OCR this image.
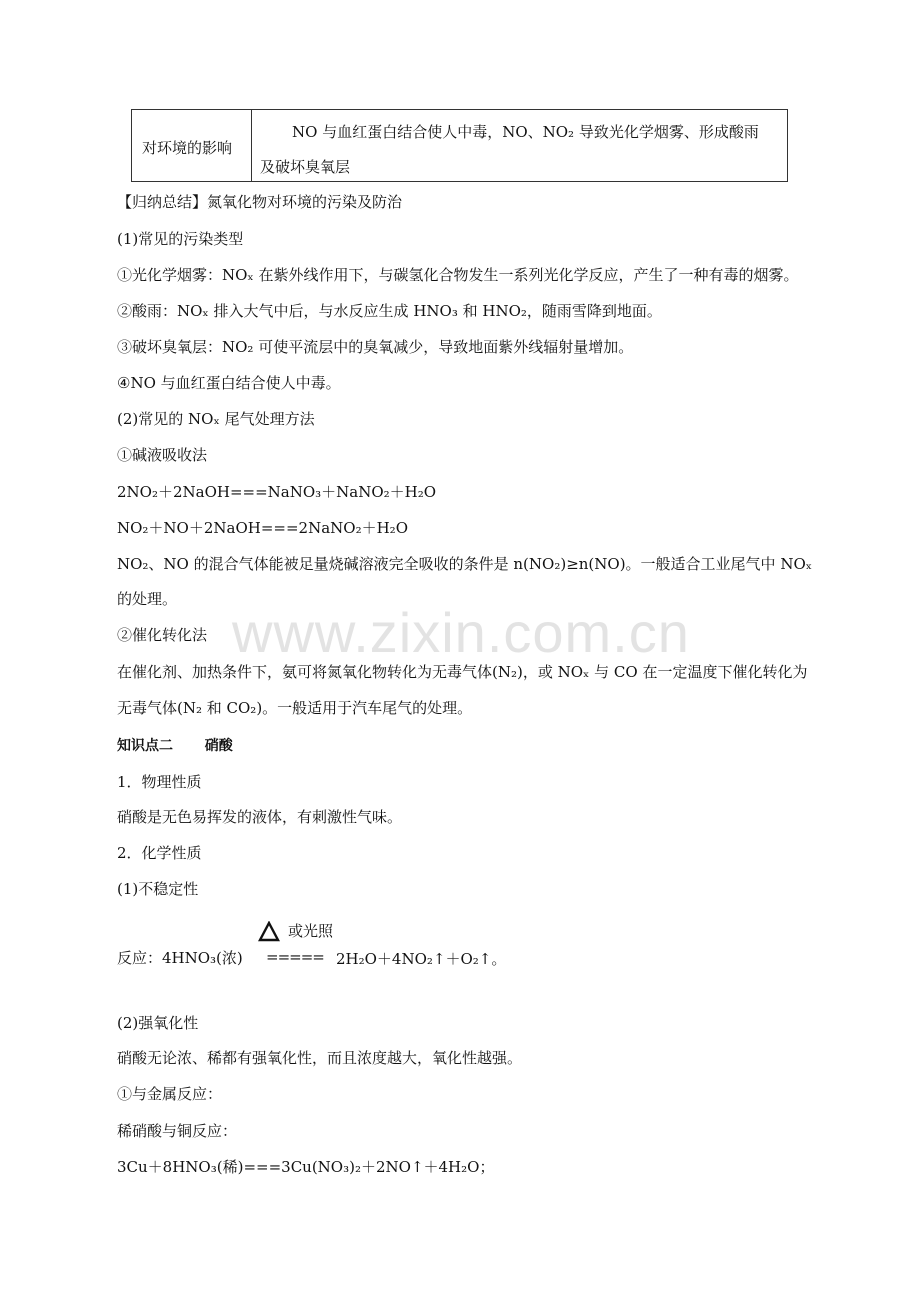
对环境的影响
NO 与血红蛋白结合使人中毒，NO、NO₂ 导致光化学烟雾、形成酸雨
及破坏臭氧层
【归纳总结】氮氧化物对环境的污染及防治
(1)常见的污染类型
①光化学烟雾：NOₓ 在紫外线作用下，与碳氢化合物发生一系列光化学反应，产生了一种有毒的烟雾。
②酸雨：NOₓ 排入大气中后，与水反应生成 HNO₃ 和 HNO₂，随雨雪降到地面。
③破坏臭氧层：NO₂ 可使平流层中的臭氧减少，导致地面紫外线辐射量增加。
④NO 与血红蛋白结合使人中毒。
(2)常见的 NOₓ 尾气处理方法
①碱液吸收法
2NO₂＋2NaOH===NaNO₃＋NaNO₂＋H₂O
NO₂＋NO＋2NaOH===2NaNO₂＋H₂O
NO₂、NO 的混合气体能被足量烧碱溶液完全吸收的条件是 n(NO₂)≥n(NO)。一般适合工业尾气中 NOₓ
的处理。
②催化转化法
在催化剂、加热条件下，氨可将氮氧化物转化为无毒气体(N₂)，或 NOₓ 与 CO 在一定温度下催化转化为
无毒气体(N₂ 和 CO₂)。一般适用于汽车尾气的处理。
知识点二 硝酸
1．物理性质
硝酸是无色易挥发的液体，有刺激性气味。
2．化学性质
(1)不稳定性
或光照
反应：4HNO₃(浓) ===== 2H₂O＋4NO₂↑＋O₂↑。
(2)强氧化性
硝酸无论浓、稀都有强氧化性，而且浓度越大，氧化性越强。
①与金属反应：
稀硝酸与铜反应：
3Cu＋8HNO₃(稀)===3Cu(NO₃)₂＋2NO↑＋4H₂O；
www.zixin.com.cn
